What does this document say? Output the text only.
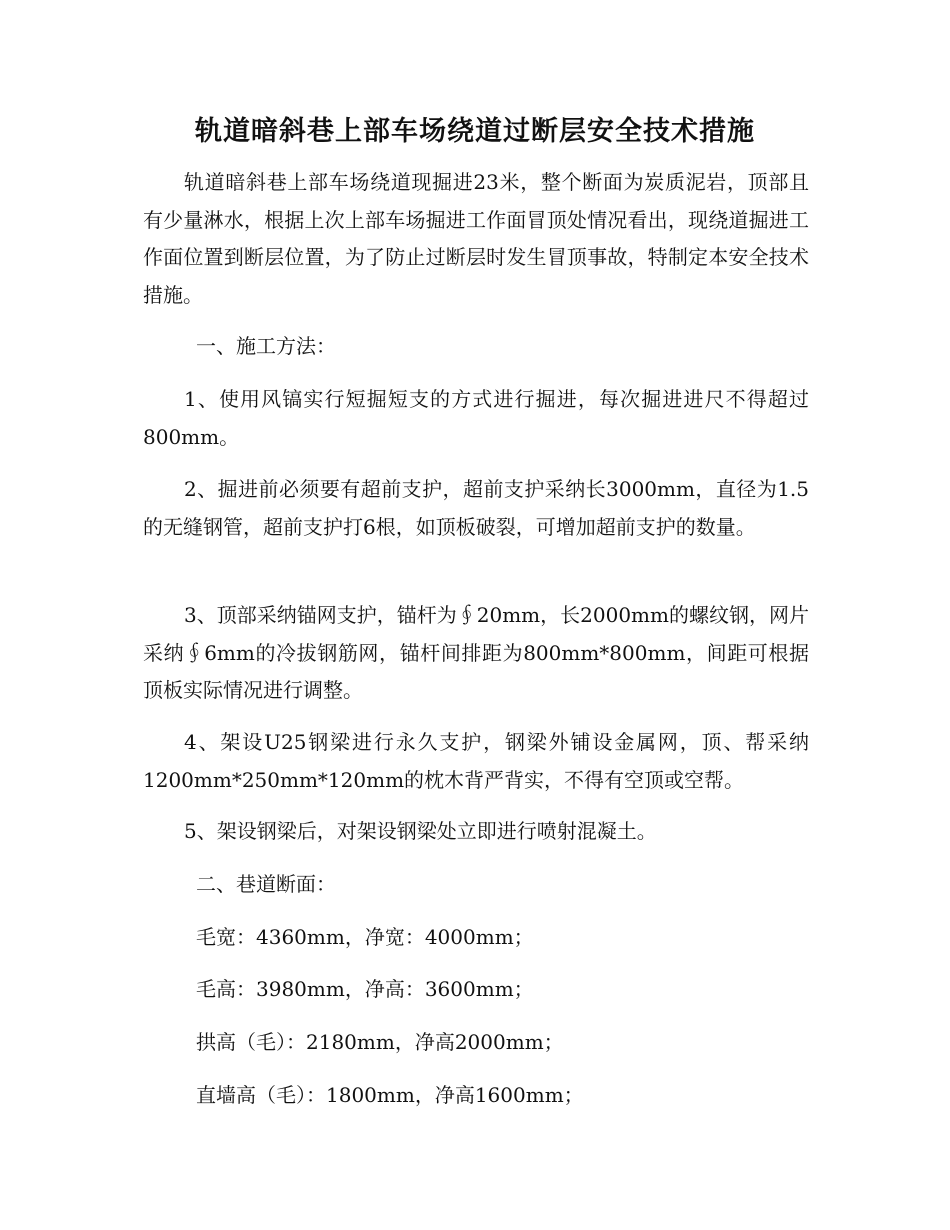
轨道暗斜巷上部车场绕道过断层安全技术措施

轨道暗斜巷上部车场绕道现掘进23米，整个断面为炭质泥岩，顶部且有少量淋水，根据上次上部车场掘进工作面冒顶处情况看出，现绕道掘进工作面位置到断层位置，为了防止过断层时发生冒顶事故，特制定本安全技术措施。

一、施工方法：

1、使用风镐实行短掘短支的方式进行掘进，每次掘进进尺不得超过800mm。

2、掘进前必须要有超前支护，超前支护采纳长3000mm，直径为1.5的无缝钢管，超前支护打6根，如顶板破裂，可增加超前支护的数量。

3、顶部采纳锚网支护，锚杆为∮20mm，长2000mm的螺纹钢，网片采纳∮6mm的冷拔钢筋网，锚杆间排距为800mm*800mm，间距可根据顶板实际情况进行调整。

4、架设U25钢梁进行永久支护，钢梁外铺设金属网，顶、帮采纳1200mm*250mm*120mm的枕木背严背实，不得有空顶或空帮。

5、架设钢梁后，对架设钢梁处立即进行喷射混凝土。

二、巷道断面：

毛宽：4360mm，净宽：4000mm；

毛高：3980mm，净高：3600mm；

拱高（毛）：2180mm，净高2000mm；

直墙高（毛）：1800mm，净高1600mm；
